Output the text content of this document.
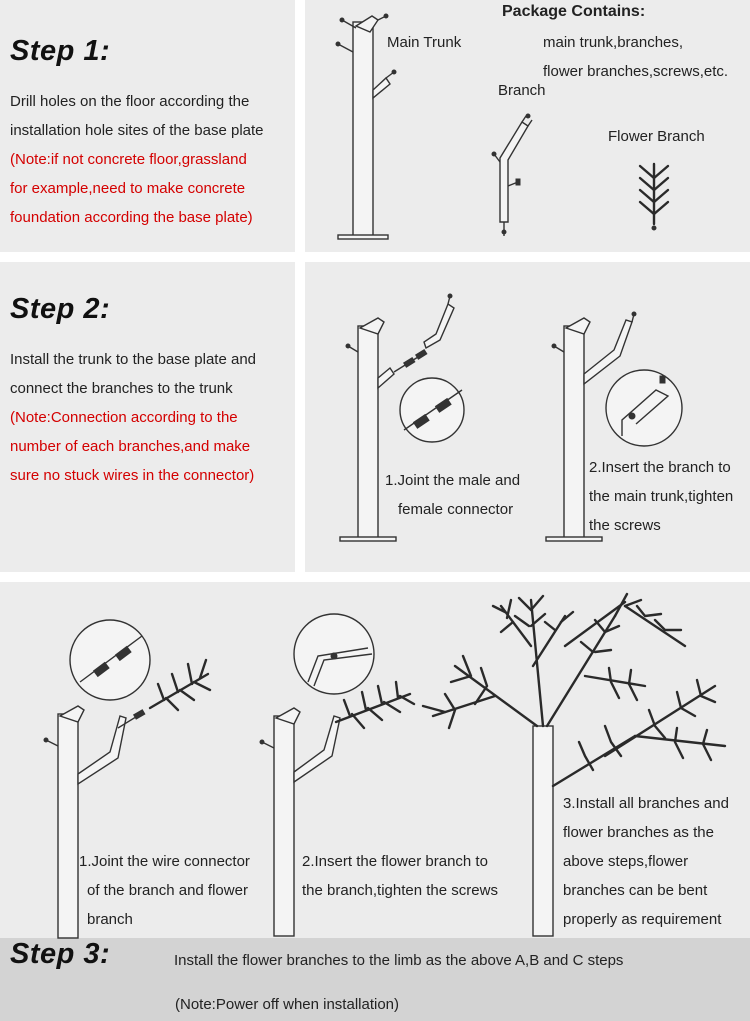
Step 1:
Drill holes on the floor according the
installation hole sites of the base plate
(Note:if not concrete floor,grassland
for example,need to make concrete
foundation according the base plate)
Package Contains:
main trunk,branches,
flower branches,screws,etc.
Main Trunk
Branch
Flower Branch
Step 2:
Install the trunk to the base plate and
connect the branches to the trunk
(Note:Connection according to the
number of each branches,and make
sure no stuck wires in the connector)	1.Joint the male and
female connector
2.Insert the branch to
the main trunk,tighten
the screws
1.Joint the wire connector
of the branch and flower
branch
2.Insert the flower branch to
the branch,tighten the screws
3.Install all branches and
flower branches as the
above steps,flower
branches can be bent
properly as requirement
Step 3:	Install the flower branches to the limb as the above A,B and C steps
(Note:Power off when installation)
